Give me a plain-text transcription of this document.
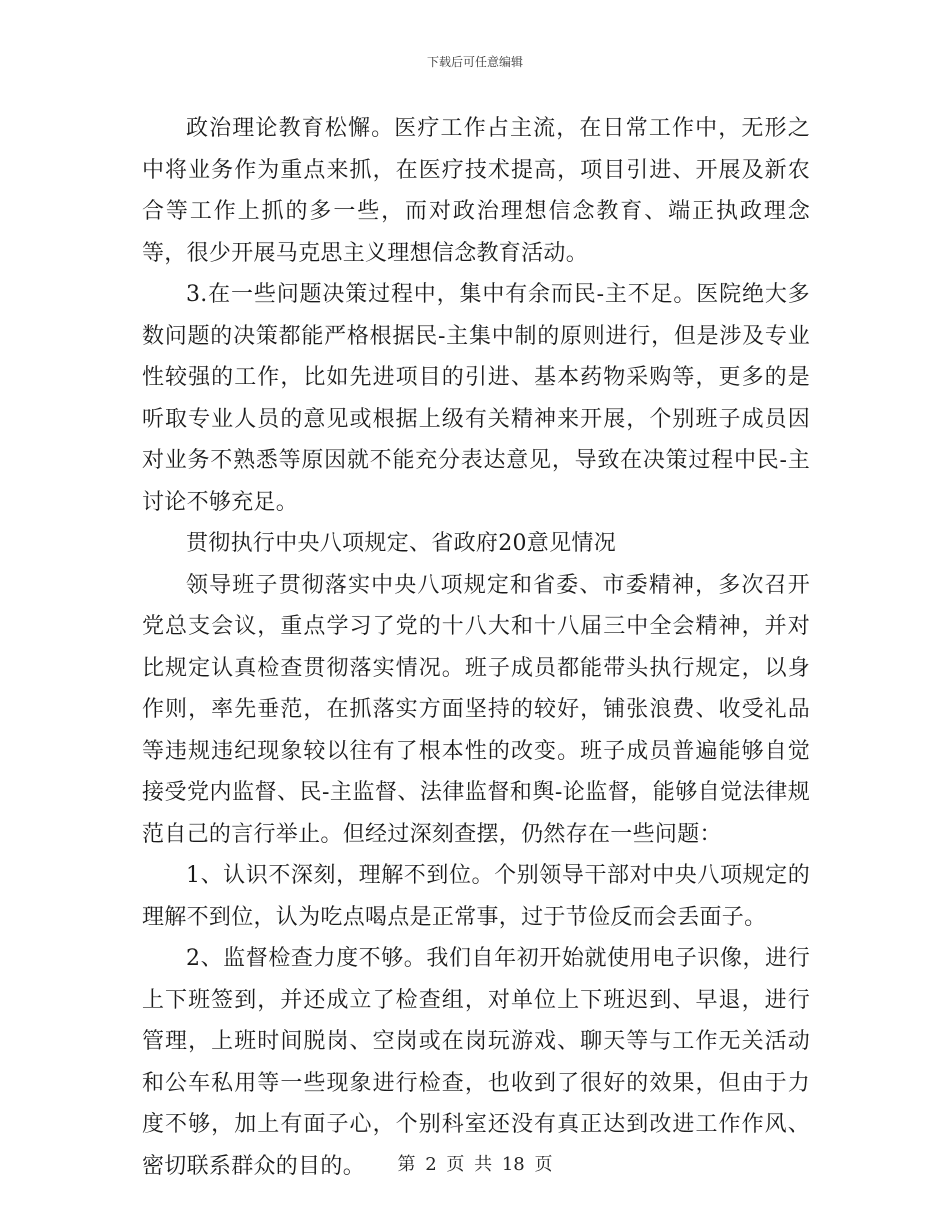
下载后可任意编辑

政治理论教育松懈。医疗工作占主流，在日常工作中，无形之中将业务作为重点来抓，在医疗技术提高，项目引进、开展及新农合等工作上抓的多一些，而对政治理想信念教育、端正执政理念等，很少开展马克思主义理想信念教育活动。

3.在一些问题决策过程中，集中有余而民-主不足。医院绝大多数问题的决策都能严格根据民-主集中制的原则进行，但是涉及专业性较强的工作，比如先进项目的引进、基本药物采购等，更多的是听取专业人员的意见或根据上级有关精神来开展，个别班子成员因对业务不熟悉等原因就不能充分表达意见，导致在决策过程中民-主讨论不够充足。

贯彻执行中央八项规定、省政府20意见情况

领导班子贯彻落实中央八项规定和省委、市委精神，多次召开党总支会议，重点学习了党的十八大和十八届三中全会精神，并对比规定认真检查贯彻落实情况。班子成员都能带头执行规定，以身作则，率先垂范，在抓落实方面坚持的较好，铺张浪费、收受礼品等违规违纪现象较以往有了根本性的改变。班子成员普遍能够自觉接受党内监督、民-主监督、法律监督和舆-论监督，能够自觉法律规范自己的言行举止。但经过深刻查摆，仍然存在一些问题：

1、认识不深刻，理解不到位。个别领导干部对中央八项规定的理解不到位，认为吃点喝点是正常事，过于节俭反而会丢面子。

2、监督检查力度不够。我们自年初开始就使用电子识像，进行上下班签到，并还成立了检查组，对单位上下班迟到、早退，进行管理，上班时间脱岗、空岗或在岗玩游戏、聊天等与工作无关活动和公车私用等一些现象进行检查，也收到了很好的效果，但由于力度不够，加上有面子心，个别科室还没有真正达到改进工作作风、密切联系群众的目的。	第 2 页 共 18 页
